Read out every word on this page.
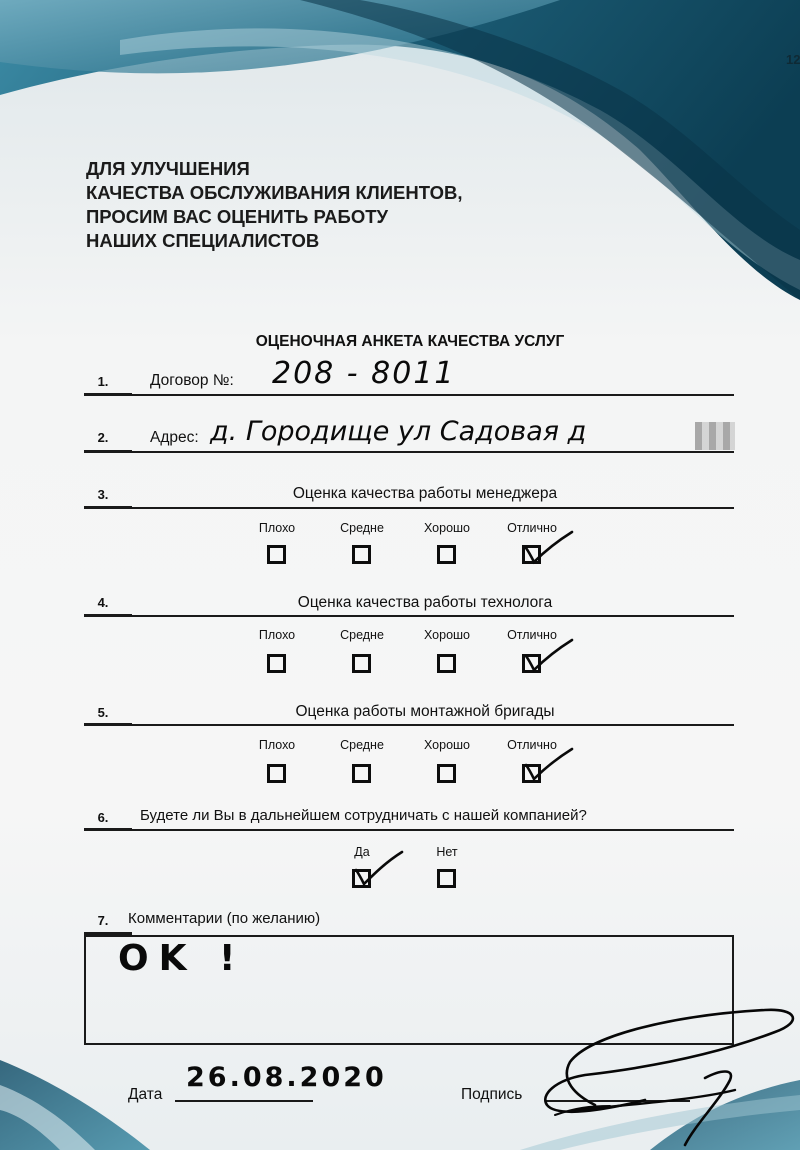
12
ДЛЯ УЛУЧШЕНИЯ
КАЧЕСТВА ОБСЛУЖИВАНИЯ КЛИЕНТОВ,
ПРОСИМ ВАС ОЦЕНИТЬ РАБОТУ
НАШИХ СПЕЦИАЛИСТОВ
ОЦЕНОЧНАЯ АНКЕТА КАЧЕСТВА УСЛУГ
1.	Договор №: 208 - 8011
2.	Адрес: д. Городище ул Садовая д
3.	Оценка качества работы менеджера
Плохо	Средне	Хорошо	Отлично
4.	Оценка качества работы технолога
Плохо	Средне	Хорошо	Отлично
5.	Оценка работы монтажной бригады
Плохо	Средне	Хорошо	Отлично
6.	Будете ли Вы в дальнейшем сотрудничать с нашей компанией?
Да	Нет
7.	Комментарии (по желанию)
OK !
Дата
26.08.2020
Подпись
